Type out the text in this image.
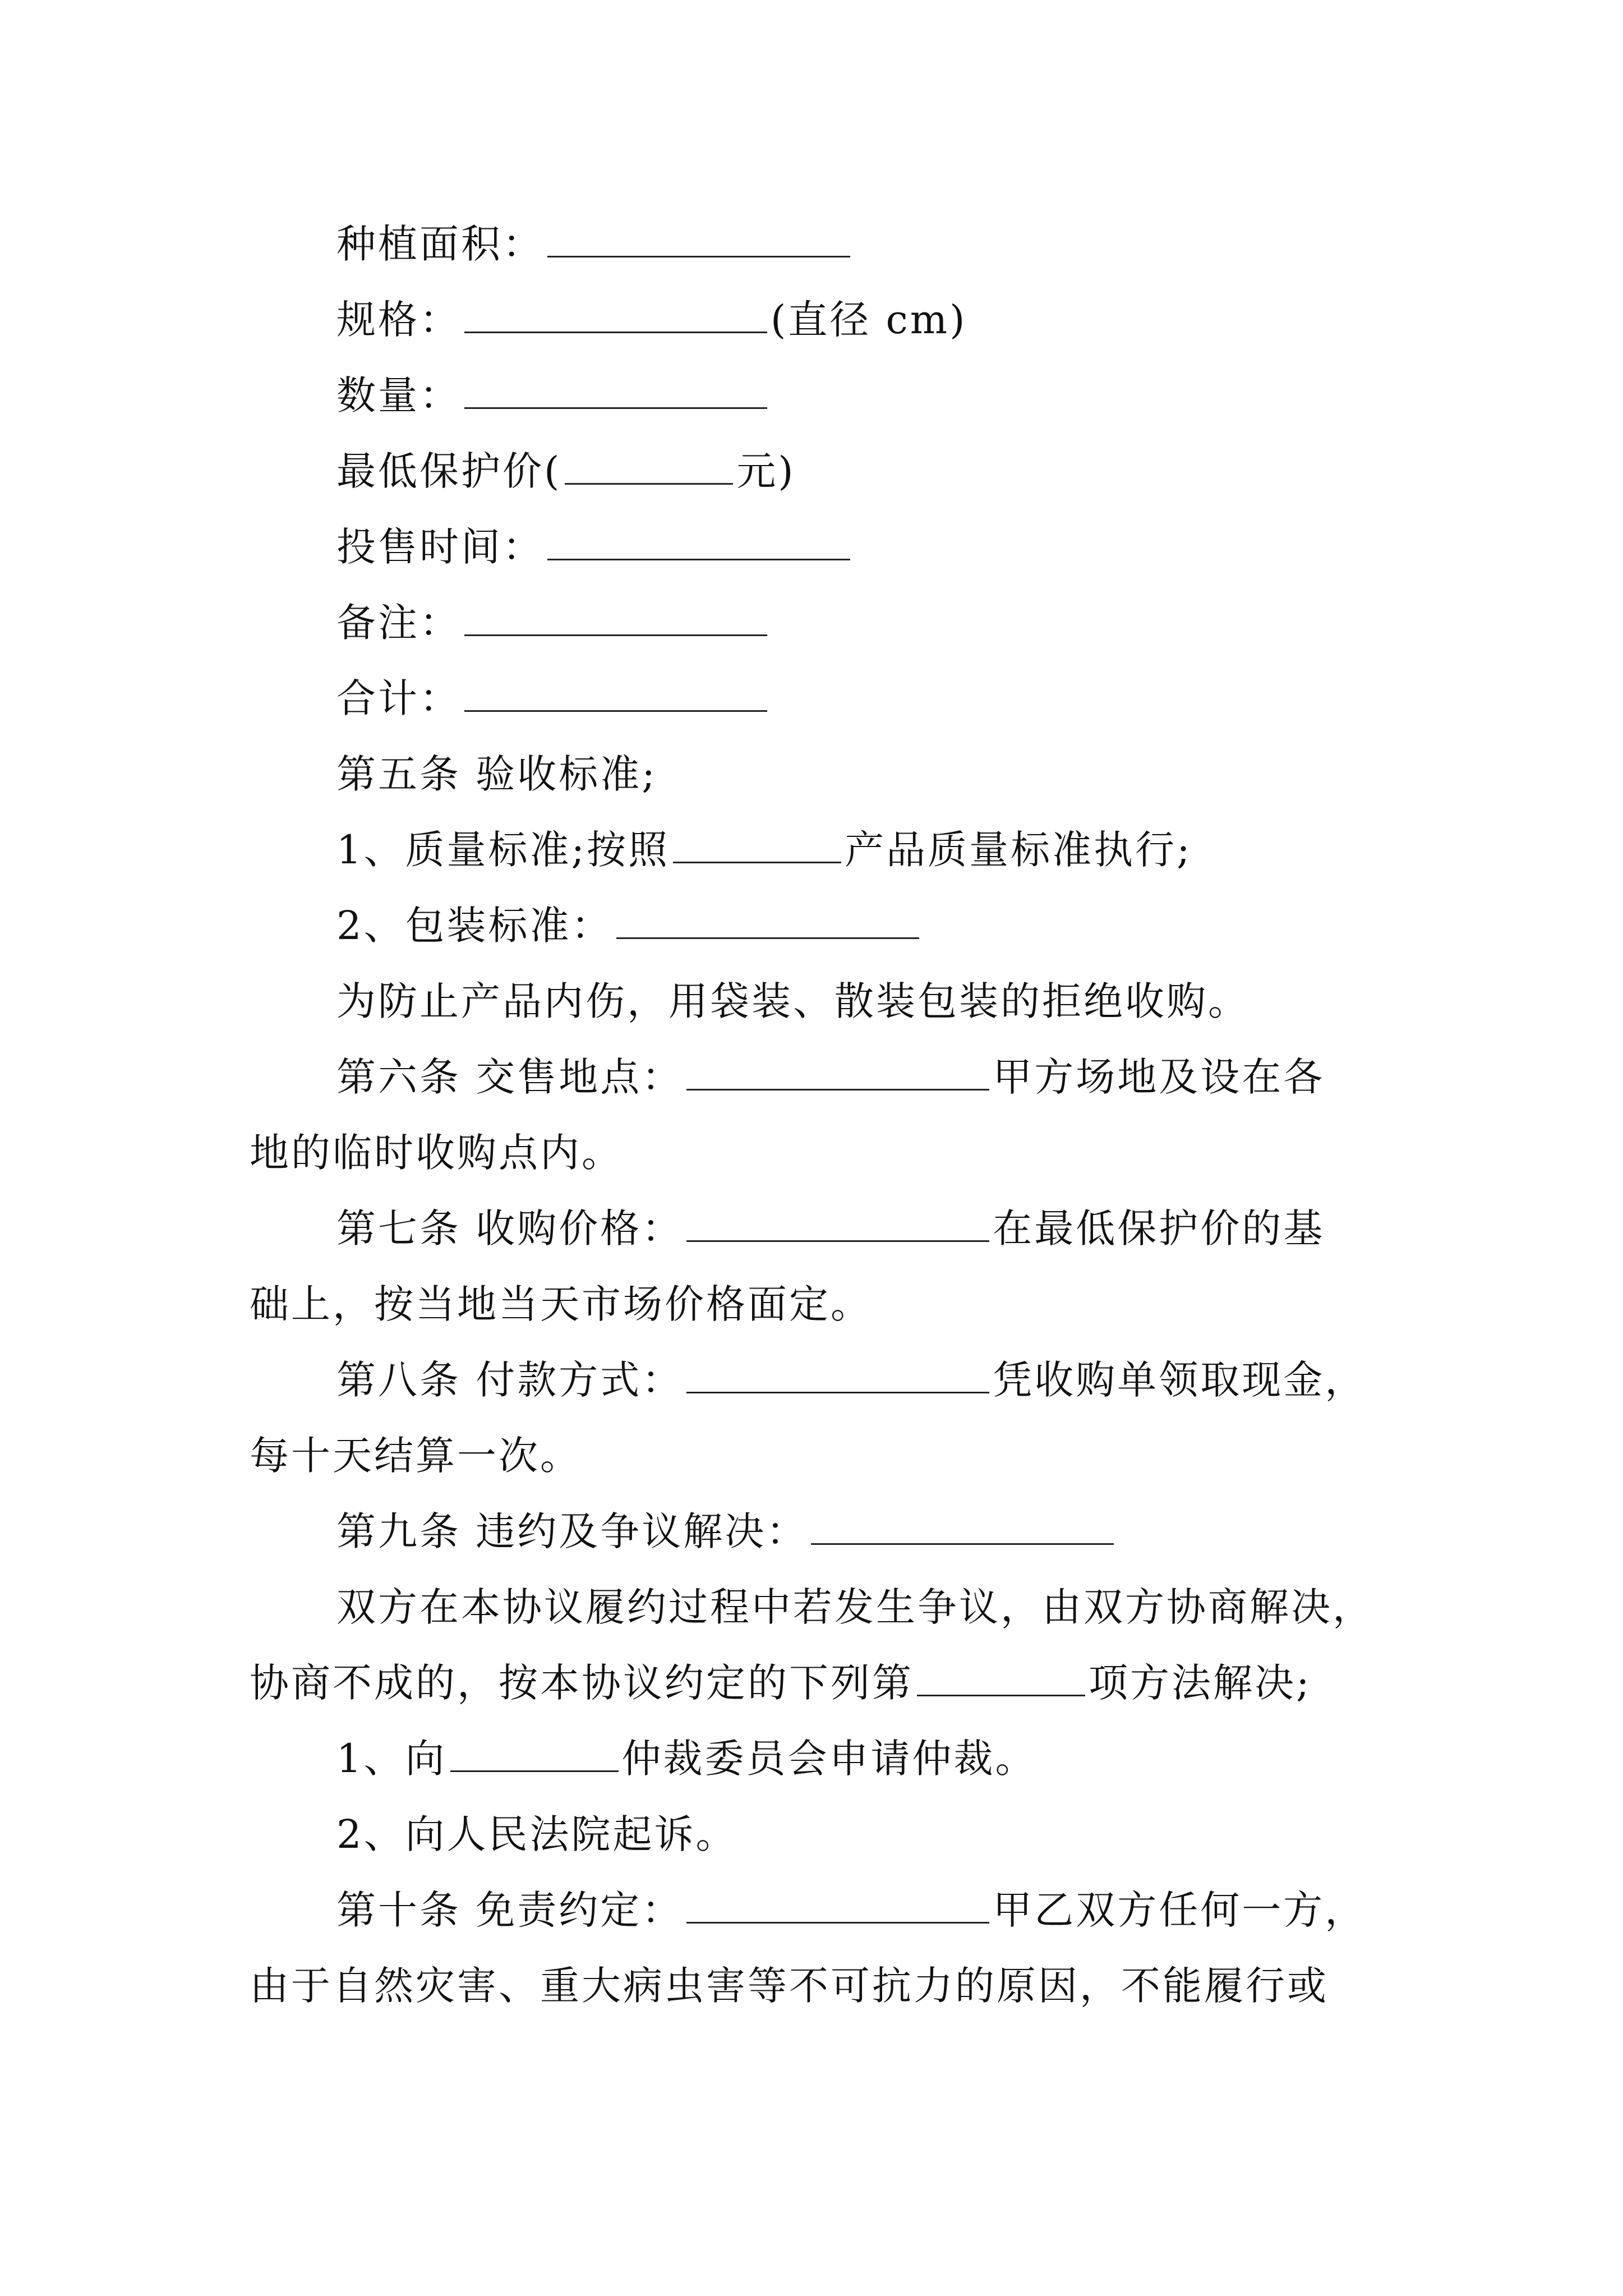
种植面积：
规格：	(直径 cm)
数量：
最低保护价(	元)
投售时间：
备注：
合计：
第五条 验收标准;
1、质量标准;按照	产品质量标准执行;
2、包装标准：
为防止产品内伤，用袋装、散装包装的拒绝收购。
第六条 交售地点：	甲方场地及设在各
地的临时收购点内。
第七条 收购价格：	在最低保护价的基
础上，按当地当天市场价格面定。
第八条 付款方式：	凭收购单领取现金，
每十天结算一次。
第九条 违约及争议解决：
双方在本协议履约过程中若发生争议，由双方协商解决，
协商不成的，按本协议约定的下列第	项方法解决;
1、向	仲裁委员会申请仲裁。
2、向人民法院起诉。
第十条 免责约定：	甲乙双方任何一方，
由于自然灾害、重大病虫害等不可抗力的原因，不能履行或
